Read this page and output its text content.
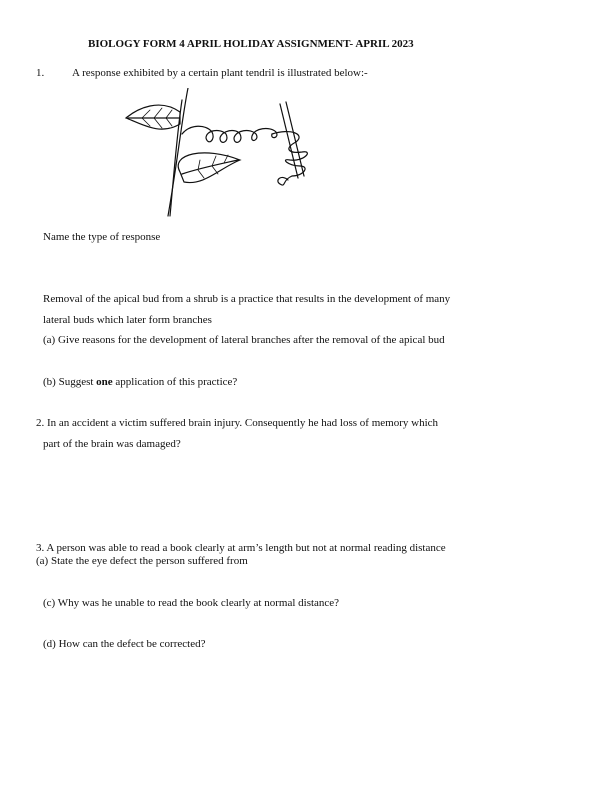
BIOLOGY FORM 4 APRIL HOLIDAY ASSIGNMENT- APRIL 2023
1.	A response exhibited by a certain plant tendril is illustrated below:-
Name the type of response
Removal of the apical bud from a shrub is a practice that results in the development of many
lateral buds which later form branches
(a) Give reasons for the development of lateral branches after the removal of the apical bud
(b) Suggest one application of this practice?
2. In an accident a victim suffered brain injury. Consequently he had loss of memory which
part of the brain was damaged?
3. A person was able to read a book clearly at arm’s length but not at normal reading distance
(a) State the eye defect the person suffered from
(c) Why was he unable to read the book clearly at normal distance?
(d) How can the defect be corrected?
